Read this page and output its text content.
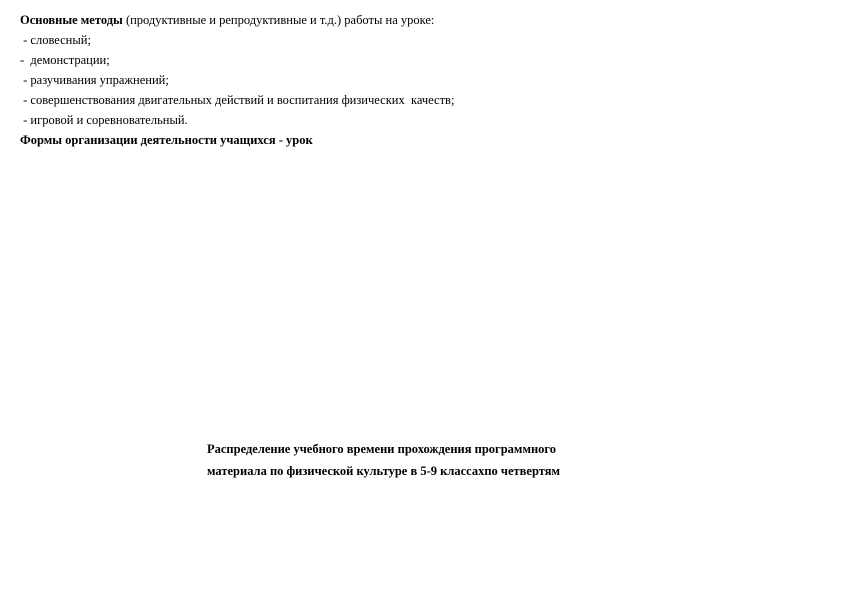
Основные методы (продуктивные и репродуктивные и т.д.) работы на уроке:
- словесный;
-  демонстрации;
- разучивания упражнений;
- совершенствования двигательных действий и воспитания физических  качеств;
- игровой и соревновательный.
Формы организации деятельности учащихся - урок
Распределение учебного времени прохождения программного
материала по физической культуре в 5-9 классахпо четвертям
